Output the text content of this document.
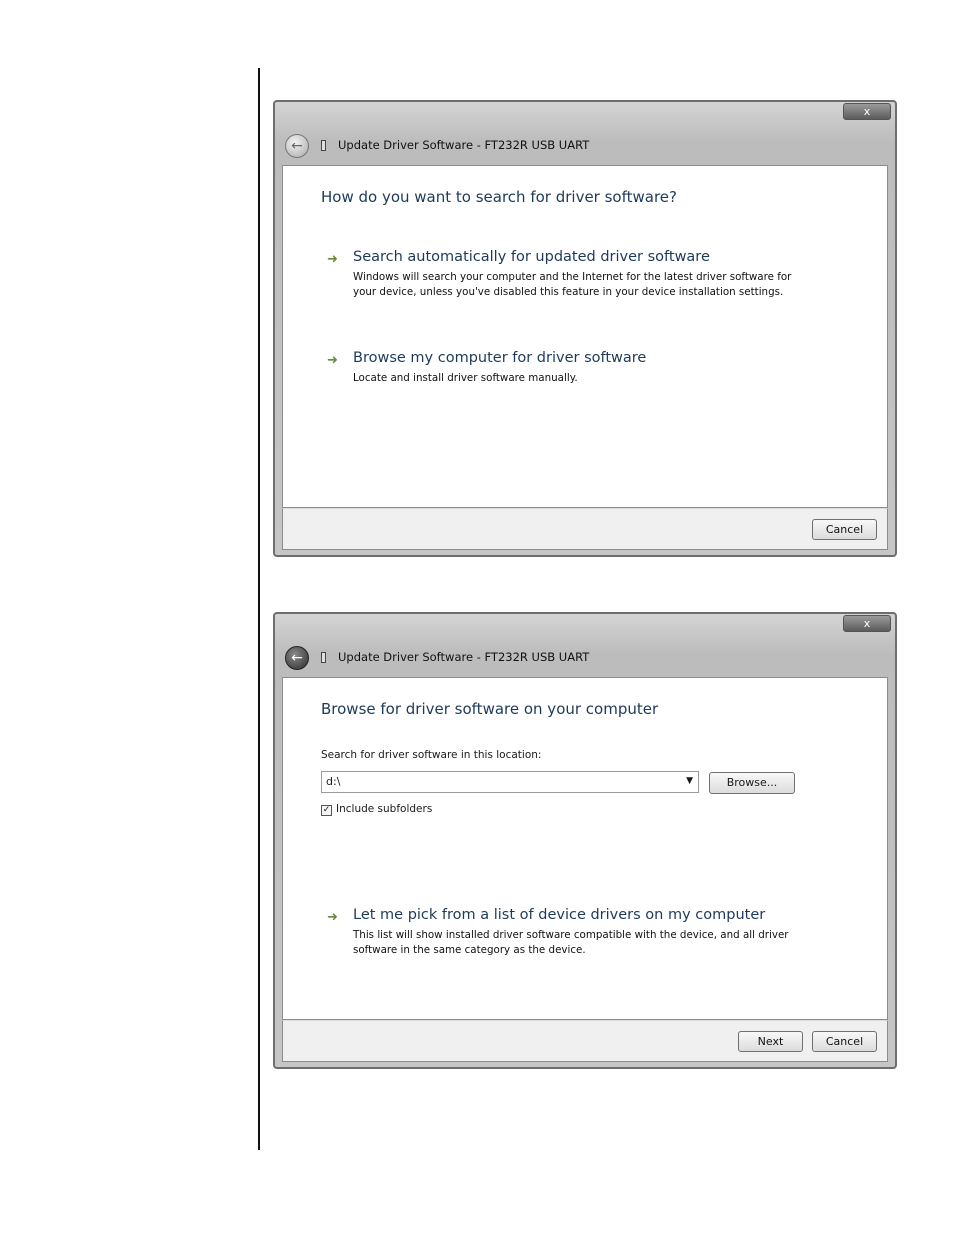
x
←	Update Driver Software - FT232R USB UART
How do you want to search for driver software?
➜ Search automatically for updated driver software
Windows will search your computer and the Internet for the latest driver software for your device, unless you've disabled this feature in your device installation settings.
➜ Browse my computer for driver software
Locate and install driver software manually.
Cancel
x
←	Update Driver Software - FT232R USB UART
Browse for driver software on your computer
Search for driver software in this location:
d:\	▼	Browse...
✓ Include subfolders
➜ Let me pick from a list of device drivers on my computer
This list will show installed driver software compatible with the device, and all driver software in the same category as the device.
Next	Cancel
